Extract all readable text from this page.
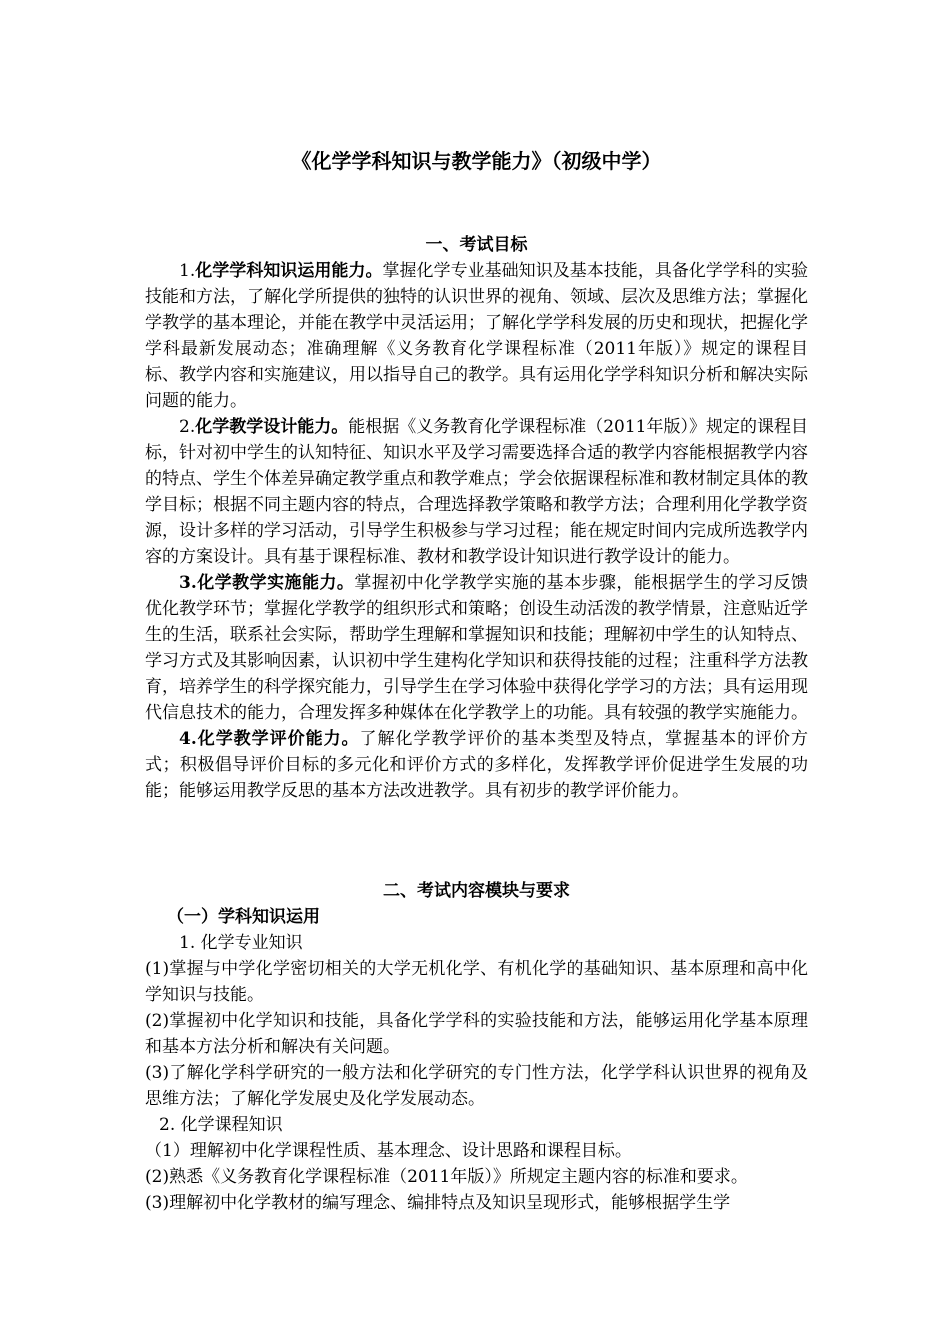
《化学学科知识与教学能力》（初级中学）
一、考试目标

1.化学学科知识运用能力。掌握化学专业基础知识及基本技能，具备化学学科的实验技能和方法，了解化学所提供的独特的认识世界的视角、领域、层次及思维方法；掌握化学教学的基本理论，并能在教学中灵活运用；了解化学学科发展的历史和现状，把握化学学科最新发展动态；准确理解《义务教育化学课程标准（2011年版）》规定的课程目标、教学内容和实施建议，用以指导自己的教学。具有运用化学学科知识分析和解决实际问题的能力。

2.化学教学设计能力。能根据《义务教育化学课程标准（2011年版）》规定的课程目标，针对初中学生的认知特征、知识水平及学习需要选择合适的教学内容能根据教学内容的特点、学生个体差异确定教学重点和教学难点；学会依据课程标准和教材制定具体的教学目标；根据不同主题内容的特点，合理选择教学策略和教学方法；合理利用化学教学资源，设计多样的学习活动，引导学生积极参与学习过程；能在规定时间内完成所选教学内容的方案设计。具有基于课程标准、教材和教学设计知识进行教学设计的能力。

3.化学教学实施能力。掌握初中化学教学实施的基本步骤，能根据学生的学习反馈优化教学环节；掌握化学教学的组织形式和策略；创设生动活泼的教学情景，注意贴近学生的生活，联系社会实际，帮助学生理解和掌握知识和技能；理解初中学生的认知特点、学习方式及其影响因素，认识初中学生建构化学知识和获得技能的过程；注重科学方法教育，培养学生的科学探究能力，引导学生在学习体验中获得化学学习的方法；具有运用现代信息技术的能力，合理发挥多种媒体在化学教学上的功能。具有较强的教学实施能力。

4.化学教学评价能力。了解化学教学评价的基本类型及特点，掌握基本的评价方式；积极倡导评价目标的多元化和评价方式的多样化，发挥教学评价促进学生发展的功能；能够运用教学反思的基本方法改进教学。具有初步的教学评价能力。

二、考试内容模块与要求
（一）学科知识运用
1. 化学专业知识

(1)掌握与中学化学密切相关的大学无机化学、有机化学的基础知识、基本原理和高中化学知识与技能。

(2)掌握初中化学知识和技能，具备化学学科的实验技能和方法，能够运用化学基本原理和基本方法分析和解决有关问题。

(3)了解化学科学研究的一般方法和化学研究的专门性方法，化学学科认识世界的视角及思维方法；了解化学发展史及化学发展动态。

2. 化学课程知识

（1）理解初中化学课程性质、基本理念、设计思路和课程目标。

(2)熟悉《义务教育化学课程标准（2011年版）》所规定主题内容的标准和要求。

(3)理解初中化学教材的编写理念、编排特点及知识呈现形式，能够根据学生学
